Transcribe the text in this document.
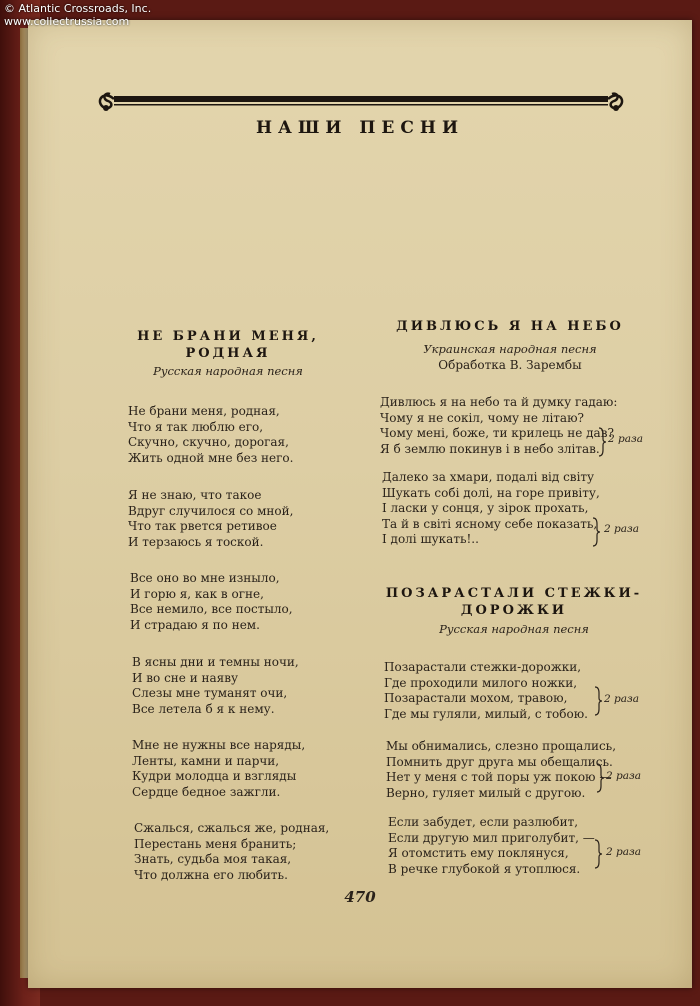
© Atlantic Crossroads, Inc.
www.collectrussia.com
НАШИ ПЕСНИ
НЕ БРАНИ МЕНЯ,
РОДНАЯ
Русская народная песня
Не брани меня, родная,
Что я так люблю его,
Скучно, скучно, дорогая,
Жить одной мне без него.
Я не знаю, что такое
Вдруг случилося со мной,
Что так рвется ретивое
И терзаюсь я тоской.
Все оно во мне изныло,
И горю я, как в огне,
Все немило, все постыло,
И страдаю я по нем.
В ясны дни и темны ночи,
И во сне и наяву
Слезы мне туманят очи,
Все летела б я к нему.
Мне не нужны все наряды,
Ленты, камни и парчи,
Кудри молодца и взгляды
Сердце бедное зажгли.
Сжалься, сжалься же, родная,
Перестань меня бранить;
Знать, судьба моя такая,
Что должна его любить.
ДИВЛЮСЬ Я НА НЕБО
Украинская народная песня
Обработка В. Зарембы
Дивлюсь я на небо та й думку гадаю:
Чому я не сокіл, чому не літаю?
Чому мені, боже, ти крилець не дав?
Я б землю покинув і в небо злітав.
2 раза
Далеко за хмари, подалі від світу
Шукать собі долі, на горе привіту,
І ласки у сонця, у зірок прохать,
Та й в світі ясному себе показать,
І долі шукать!..
2 раза
ПОЗАРАСТАЛИ СТЕЖКИ-
ДОРОЖКИ
Русская народная песня
Позарастали стежки-дорожки,
Где проходили милого ножки,
Позарастали мохом, травою,
Где мы гуляли, милый, с тобою.
2 раза
Мы обнимались, слезно прощались,
Помнить друг друга мы обещались.
Нет у меня с той поры уж покою —
Верно, гуляет милый с другою.
2 раза
Если забудет, если разлюбит,
Если другую мил приголубит, —
Я отомстить ему поклянуся,
В речке глубокой я утоплюся.
2 раза
470
